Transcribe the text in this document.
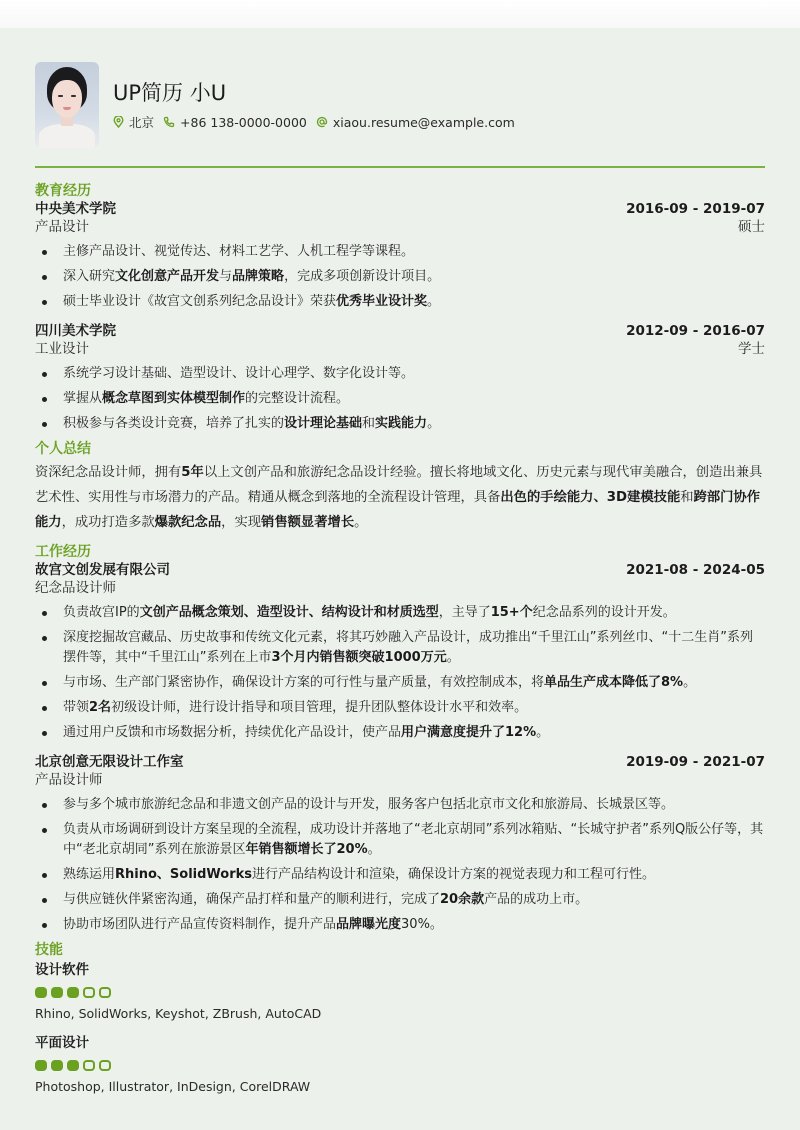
UP简历 小U
北京 +86 138-0000-0000 xiaou.resume@example.com
教育经历
中央美术学院	2016-09 - 2019-07
产品设计	硕士
主修产品设计、视觉传达、材料工艺学、人机工程学等课程。
深入研究文化创意产品开发与品牌策略，完成多项创新设计项目。
硕士毕业设计《故宫文创系列纪念品设计》荣获优秀毕业设计奖。
四川美术学院	2012-09 - 2016-07
工业设计	学士
系统学习设计基础、造型设计、设计心理学、数字化设计等。
掌握从概念草图到实体模型制作的完整设计流程。
积极参与各类设计竞赛，培养了扎实的设计理论基础和实践能力。
个人总结
资深纪念品设计师，拥有5年以上文创产品和旅游纪念品设计经验。擅长将地域文化、历史元素与现代审美融合，创造出兼具艺术性、实用性与市场潜力的产品。精通从概念到落地的全流程设计管理，具备出色的手绘能力、3D建模技能和跨部门协作能力，成功打造多款爆款纪念品，实现销售额显著增长。
工作经历
故宫文创发展有限公司	2021-08 - 2024-05
纪念品设计师
负责故宫IP的文创产品概念策划、造型设计、结构设计和材质选型，主导了15+个纪念品系列的设计开发。
深度挖掘故宫藏品、历史故事和传统文化元素，将其巧妙融入产品设计，成功推出“千里江山”系列丝巾、“十二生肖”系列摆件等，其中“千里江山”系列在上市3个月内销售额突破1000万元。
与市场、生产部门紧密协作，确保设计方案的可行性与量产质量，有效控制成本，将单品生产成本降低了8%。
带领2名初级设计师，进行设计指导和项目管理，提升团队整体设计水平和效率。
通过用户反馈和市场数据分析，持续优化产品设计，使产品用户满意度提升了12%。
北京创意无限设计工作室	2019-09 - 2021-07
产品设计师
参与多个城市旅游纪念品和非遗文创产品的设计与开发，服务客户包括北京市文化和旅游局、长城景区等。
负责从市场调研到设计方案呈现的全流程，成功设计并落地了“老北京胡同”系列冰箱贴、“长城守护者”系列Q版公仔等，其中“老北京胡同”系列在旅游景区年销售额增长了20%。
熟练运用Rhino、SolidWorks进行产品结构设计和渲染，确保设计方案的视觉表现力和工程可行性。
与供应链伙伴紧密沟通，确保产品打样和量产的顺利进行，完成了20余款产品的成功上市。
协助市场团队进行产品宣传资料制作，提升产品品牌曝光度30%。
技能
设计软件
Rhino, SolidWorks, Keyshot, ZBrush, AutoCAD
平面设计
Photoshop, Illustrator, InDesign, CorelDRAW
